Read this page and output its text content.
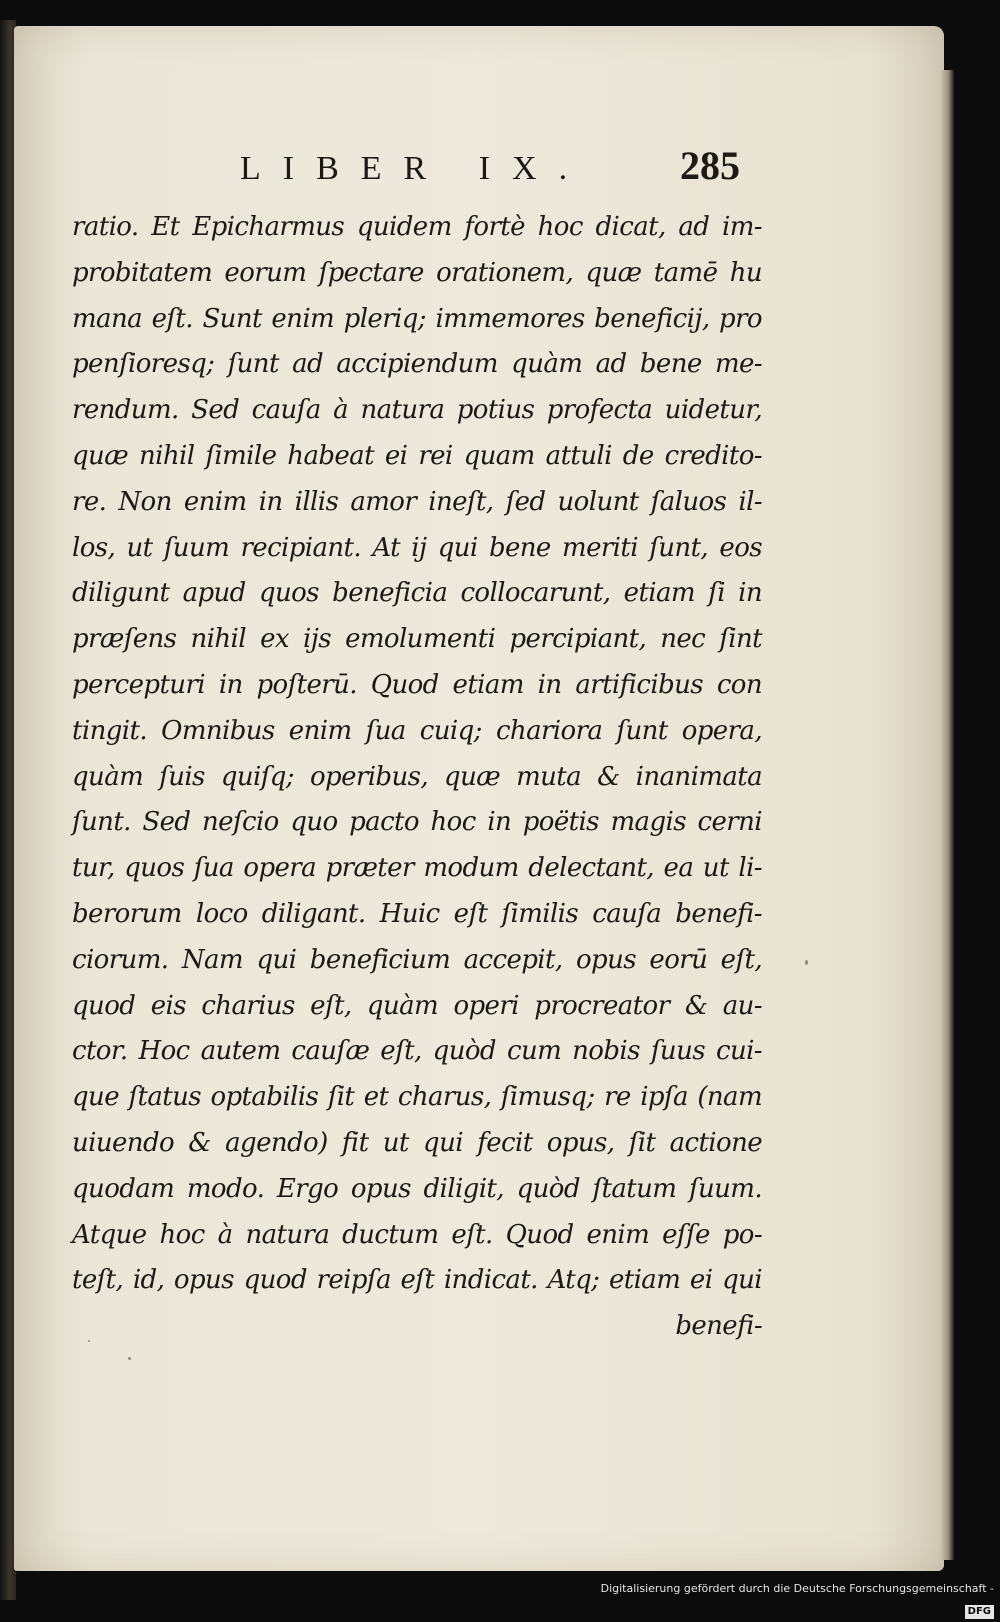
LIBER IX. 285
ratio. Et Epicharmus quidem fortè hoc dicat, ad im-
probitatem eorum ſpectare orationem, quæ tamē hu
mana eſt. Sunt enim pleriq; immemores beneficij, pro
penſioresq; ſunt ad accipiendum quàm ad bene me-
rendum. Sed cauſa à natura potius profecta uidetur,
quæ nihil ſimile habeat ei rei quam attuli de credito-
re. Non enim in illis amor ineſt, ſed uolunt ſaluos il-
los, ut ſuum recipiant. At ij qui bene meriti ſunt, eos
diligunt apud quos beneficia collocarunt, etiam ſi in
præſens nihil ex ijs emolumenti percipiant, nec ſint
percepturi in poſterū. Quod etiam in artificibus con
tingit. Omnibus enim ſua cuiq; chariora ſunt opera,
quàm ſuis quiſq; operibus, quæ muta & inanimata
ſunt. Sed neſcio quo pacto hoc in poëtis magis cerni
tur, quos ſua opera præter modum delectant, ea ut li-
berorum loco diligant. Huic eſt ſimilis cauſa benefi-
ciorum. Nam qui beneficium accepit, opus eorū eſt,
quod eis charius eſt, quàm operi procreator & au-
ctor. Hoc autem cauſæ eſt, quòd cum nobis ſuus cui-
que ſtatus optabilis ſit et charus, ſimusq; re ipſa (nam
uiuendo & agendo) fit ut qui fecit opus, ſit actione
quodam modo. Ergo opus diligit, quòd ſtatum ſuum.
Atque hoc à natura ductum eſt. Quod enim eſſe po-
teſt, id, opus quod reipſa eſt indicat. Atq; etiam ei qui
benefi-
Digitalisierung gefördert durch die Deutsche Forschungsgemeinschaft -DFG
